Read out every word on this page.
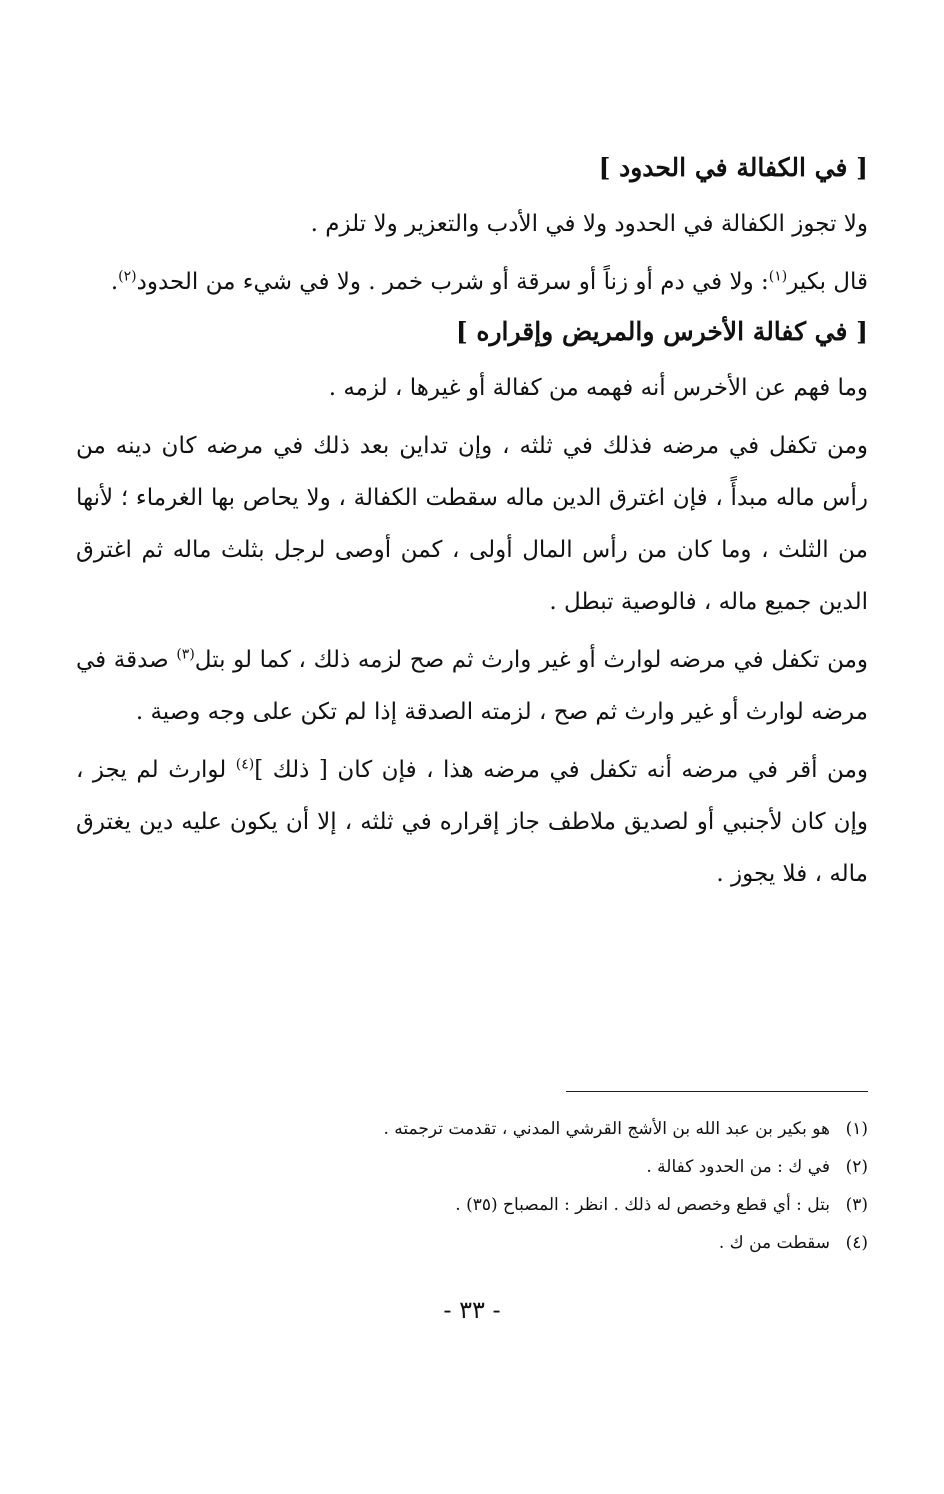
[ في الكفالة في الحدود ]

ولا تجوز الكفالة في الحدود ولا في الأدب والتعزير ولا تلزم .

قال بكير$^{(١)}$: ولا في دم أو زناً أو سرقة أو شرب خمر . ولا في شيء من الحدود$^{(٢)}$.

[ في كفالة الأخرس والمريض وإقراره ]

وما فهم عن الأخرس أنه فهمه من كفالة أو غيرها ، لزمه .

ومن تكفل في مرضه فذلك في ثلثه ، وإن تداين بعد ذلك في مرضه كان دينه من رأس ماله مبدأً ، فإن اغترق الدين ماله سقطت الكفالة ، ولا يحاص بها الغرماء ؛ لأنها من الثلث ، وما كان من رأس المال أولى ، كمن أوصى لرجل بثلث ماله ثم اغترق الدين جميع ماله ، فالوصية تبطل .

ومن تكفل في مرضه لوارث أو غير وارث ثم صح لزمه ذلك ، كما لو بتل$^{(٣)}$ صدقة في مرضه لوارث أو غير وارث ثم صح ، لزمته الصدقة إذا لم تكن على وجه وصية .

ومن أقر في مرضه أنه تكفل في مرضه هذا ، فإن كان [ ذلك ]$^{(٤)}$ لوارث لم يجز ، وإن كان لأجنبي أو لصديق ملاطف جاز إقراره في ثلثه ، إلا أن يكون عليه دين يغترق ماله ، فلا يجوز .

(١)هو بكير بن عبد الله بن الأشج القرشي المدني ، تقدمت ترجمته .

(٢)في ك : من الحدود كفالة .

(٣)بتل : أي قطع وخصص له ذلك . انظر : المصباح (٣٥) .

(٤)سقطت من ك .

- ٣٣ -
